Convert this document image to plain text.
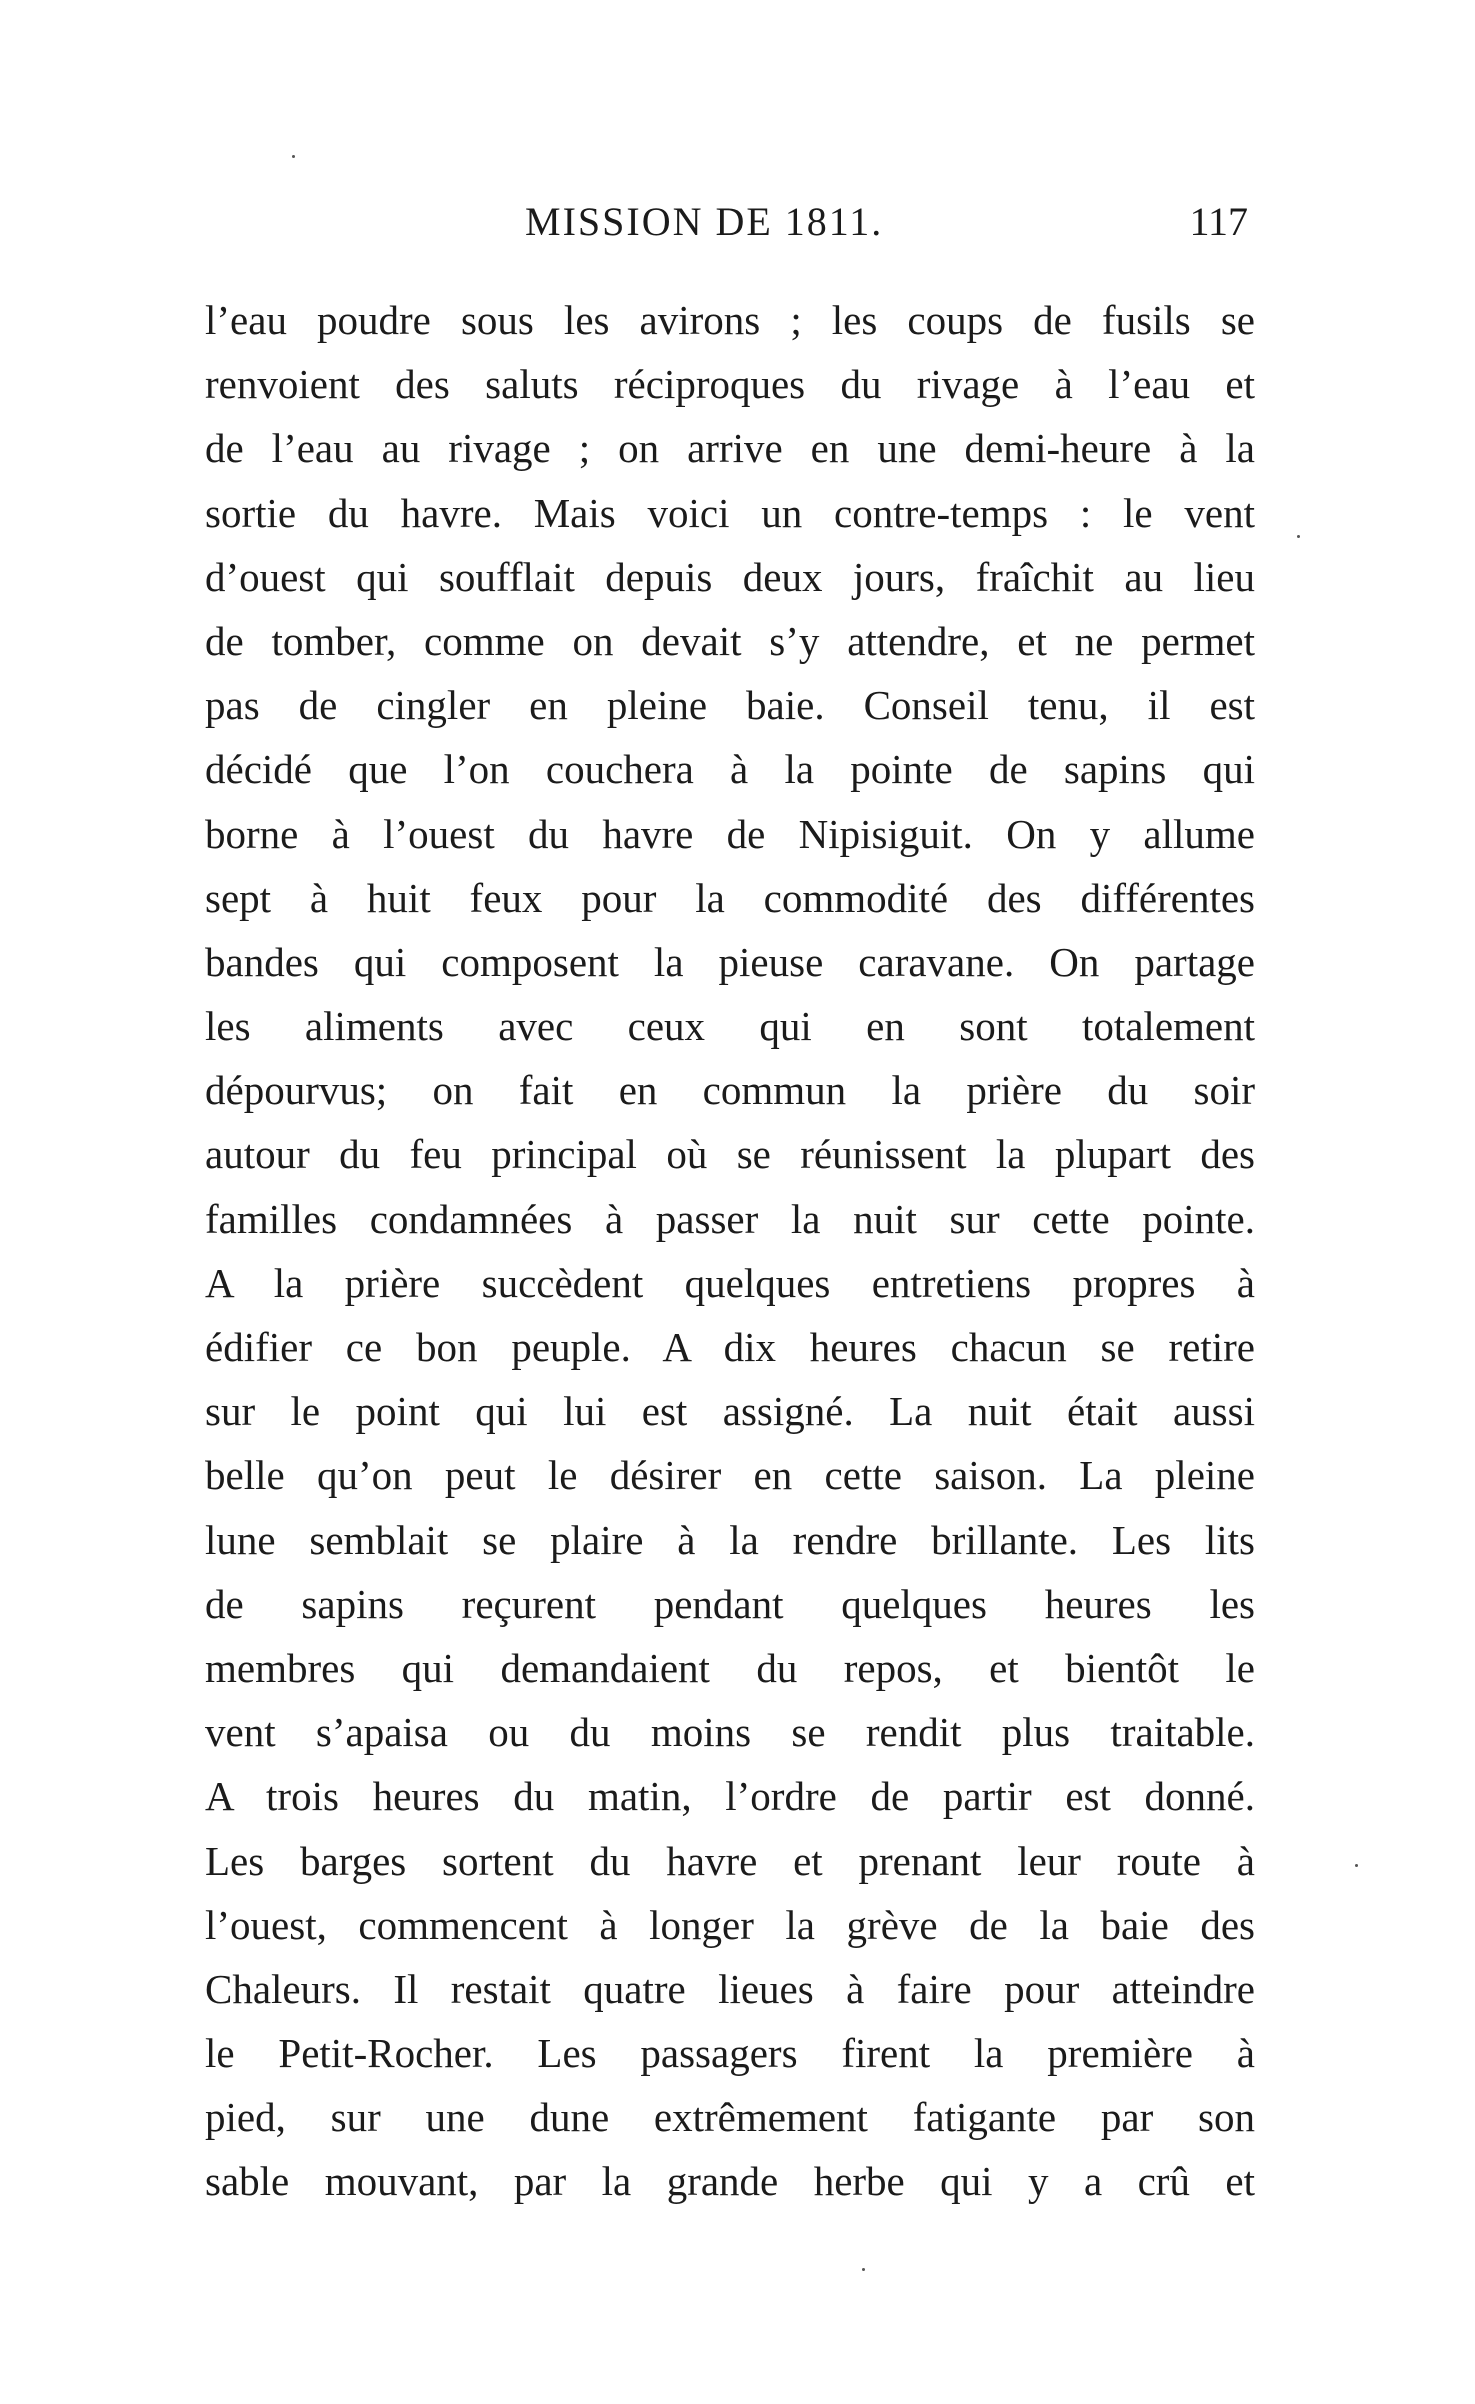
MISSION DE 1811.	117
l’eau poudre sous les avirons ; les coups de fusils se
renvoient des saluts réciproques du rivage à l’eau et
de l’eau au rivage ; on arrive en une demi-heure à la
sortie du havre. Mais voici un contre-temps : le vent
d’ouest qui soufflait depuis deux jours, fraîchit au lieu
de tomber, comme on devait s’y attendre, et ne permet
pas de cingler en pleine baie. Conseil tenu, il est
décidé que l’on couchera à la pointe de sapins qui
borne à l’ouest du havre de Nipisiguit. On y allume
sept à huit feux pour la commodité des différentes
bandes qui composent la pieuse caravane. On partage
les aliments avec ceux qui en sont totalement
dépourvus; on fait en commun la prière du soir
autour du feu principal où se réunissent la plupart des
familles condamnées à passer la nuit sur cette pointe.
A la prière succèdent quelques entretiens propres à
édifier ce bon peuple. A dix heures chacun se retire
sur le point qui lui est assigné. La nuit était aussi
belle qu’on peut le désirer en cette saison. La pleine
lune semblait se plaire à la rendre brillante. Les lits
de sapins reçurent pendant quelques heures les
membres qui demandaient du repos, et bientôt le
vent s’apaisa ou du moins se rendit plus traitable.
A trois heures du matin, l’ordre de partir est donné.
Les barges sortent du havre et prenant leur route à
l’ouest, commencent à longer la grève de la baie des
Chaleurs. Il restait quatre lieues à faire pour atteindre
le Petit-Rocher. Les passagers firent la première à
pied, sur une dune extrêmement fatigante par son
sable mouvant, par la grande herbe qui y a crû et
